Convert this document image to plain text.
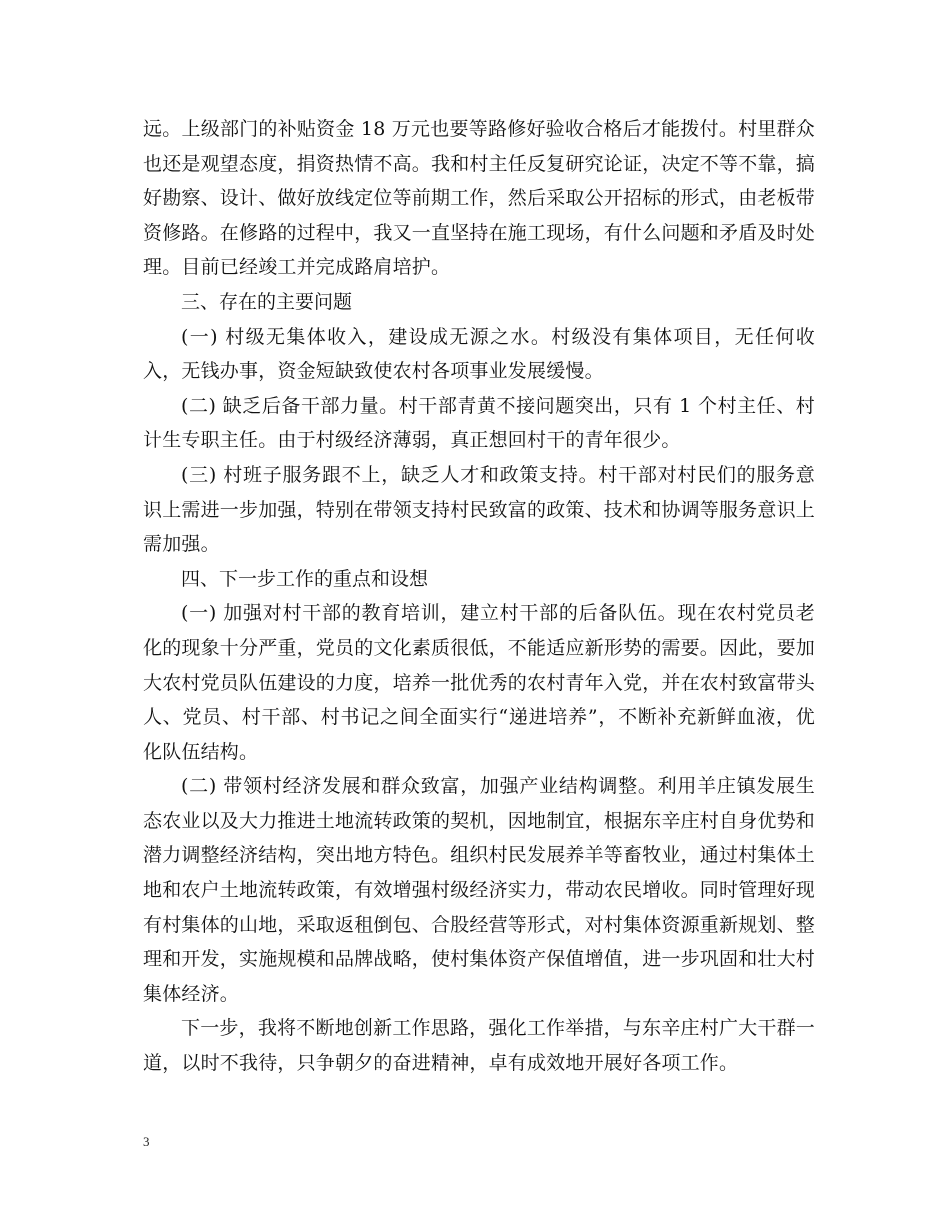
远。上级部门的补贴资金 18 万元也要等路修好验收合格后才能拨付。村里群众也还是观望态度，捐资热情不高。我和村主任反复研究论证，决定不等不靠，搞好勘察、设计、做好放线定位等前期工作，然后采取公开招标的形式，由老板带资修路。在修路的过程中，我又一直坚持在施工现场，有什么问题和矛盾及时处理。目前已经竣工并完成路肩培护。

三、存在的主要问题

(一) 村级无集体收入，建设成无源之水。村级没有集体项目，无任何收入，无钱办事，资金短缺致使农村各项事业发展缓慢。

(二) 缺乏后备干部力量。村干部青黄不接问题突出，只有 1 个村主任、村计生专职主任。由于村级经济薄弱，真正想回村干的青年很少。

(三) 村班子服务跟不上，缺乏人才和政策支持。村干部对村民们的服务意识上需进一步加强，特别在带领支持村民致富的政策、技术和协调等服务意识上需加强。

四、下一步工作的重点和设想

(一) 加强对村干部的教育培训，建立村干部的后备队伍。现在农村党员老化的现象十分严重，党员的文化素质很低，不能适应新形势的需要。因此，要加大农村党员队伍建设的力度，培养一批优秀的农村青年入党，并在农村致富带头人、党员、村干部、村书记之间全面实行“递进培养”，不断补充新鲜血液，优化队伍结构。

(二) 带领村经济发展和群众致富，加强产业结构调整。利用羊庄镇发展生态农业以及大力推进土地流转政策的契机，因地制宜，根据东辛庄村自身优势和潜力调整经济结构，突出地方特色。组织村民发展养羊等畜牧业，通过村集体土地和农户土地流转政策，有效增强村级经济实力，带动农民增收。同时管理好现有村集体的山地，采取返租倒包、合股经营等形式，对村集体资源重新规划、整理和开发，实施规模和品牌战略，使村集体资产保值增值，进一步巩固和壮大村集体经济。

下一步，我将不断地创新工作思路，强化工作举措，与东辛庄村广大干群一道，以时不我待，只争朝夕的奋进精神，卓有成效地开展好各项工作。

3
